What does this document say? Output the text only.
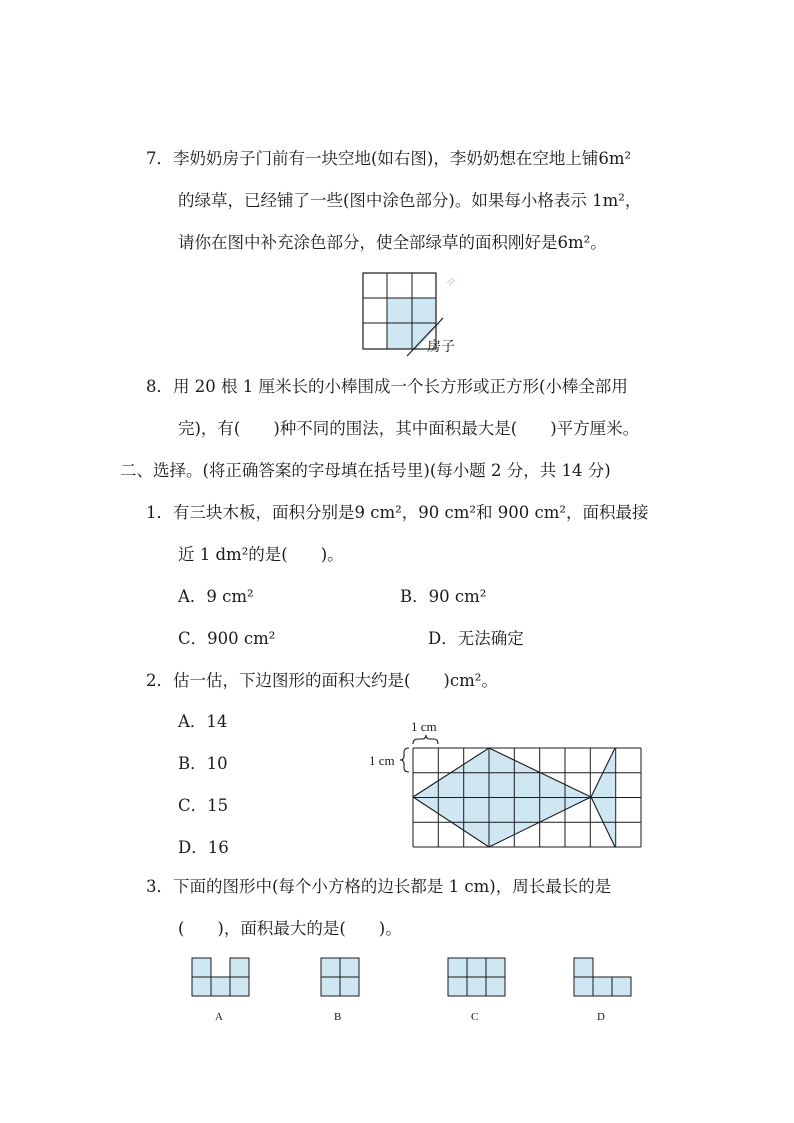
7．李奶奶房子门前有一块空地(如右图)，李奶奶想在空地上铺6m²
的绿草，已经铺了一些(图中涂色部分)。如果每小格表示 1m²，
请你在图中补充涂色部分，使全部绿草的面积刚好是6m²。
房子
8．用 20 根 1 厘米长的小棒围成一个长方形或正方形(小棒全部用
完)，有(　　)种不同的围法，其中面积最大是(　　)平方厘米。
二、选择。(将正确答案的字母填在括号里)(每小题 2 分，共 14 分)
1．有三块木板，面积分别是9 cm²，90 cm²和 900 cm²，面积最接
近 1 dm²的是(　　)。
A．9 cm²	B．90 cm²
C．900 cm²	D．无法确定
2．估一估，下边图形的面积大约是(　　)cm²。
A．14
B．10
C．15
D．16
1 cm
1 cm
3．下面的图形中(每个小方格的边长都是 1 cm)，周长最长的是
(　　)，面积最大的是(　　)。
A	B	C	D
